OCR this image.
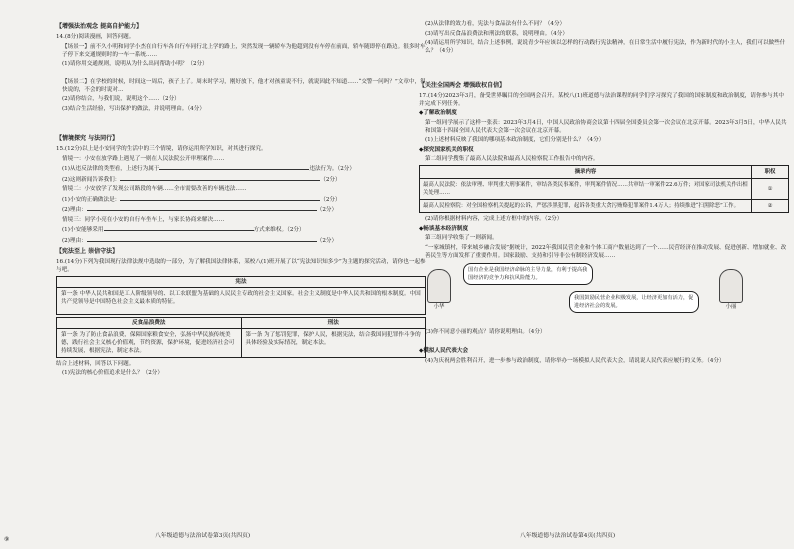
【增强法治观念 提高自护能力】
14.(8分)阅读漫画，回答问题。
【场景一】前不久小明和同学小杰在自行车各自行车同行北上学的路上，突然发现一辆轿车为他超到没有车停在前面，轿车随即停在路边。很多时车子停下来交通规则时的一车一系统……
(1)请你用交通规则，说明从为什么出同帮助小明？（2分）
【场景二】在学校的时候，时间这一周后，孩子上了。周末时学习，刚好放下，他才对孩童说不行，就说因此不知道……“交警一问吗？”文章中，很快说的，不会的时说对…
(2)请你结合，与我们说，说明这个……（2分）
(3)结合生活经验，写出保护的做法，并说明理由。（4分）
【情境探究 与法同行】
15.(12分)以上是小安同学的生活中的三个情境，请你运用所学知识，对其进行探究。
情境一：小安在放学路上遇见了一则在人民法院公开审理案件……
(1)从违反法律的类型看，上述行为属于	违法行为。（2分）
(2)这则新闻告诉我们：	（2分）
情境二：小安放学了发现公司路段的车辆……全市需要改善的车辆违法……
(1)小安的正确做法是：	（2分）
(2)理由：	（2分）
情境三：同学小亮在小安的自行车坐车上，与家长协商来解决……
(1)小安能够采用	方式来维权。（2分）
(2)理由：	（2分）
【宪法至上 崇信守法】
16.(14分)下列为我国现行法律法规中选取的一部分，为了解我国法律体系，某校八(1)班开展了以“宪法知识知多少”为主题的探究活动，请你也一起参与吧。
宪法
第一条 中华人民共和国是工人阶级领导的、以工农联盟为基础的人民民主专政的社会主义国家。社会主义制度是中华人民共和国的根本制度。中国共产党领导是中国特色社会主义最本质的特征。
反食品浪费法
第一条 为了防止食品浪费，保障国家粮食安全，弘扬中华民族传统美德，践行社会主义核心价值观，节约资源，保护环境，促进经济社会可持续发展，根据宪法，制定本法。
刑法
第一条 为了惩罚犯罪，保护人民，根据宪法，结合我国同犯罪作斗争的具体经验及实际情况，制定本法。
结合上述材料，回答以下问题。
(1)宪法的核心价值追求是什么？（2分）
(2)从法律的效力看，宪法与食品法有什么不同？（4分）
(3)请写出反食品浪费法和刑法的联系，说明理由。（4分）
(4)请运用所学知识，结合上述事例，说说青少年应该以怎样的行动践行宪法精神，在日常生活中履行宪法，作为新时代的小主人，我们可以做些什么？（4分）
【关注全国两会 增强政权自信】
17.(14分)2023年3月，备受世界瞩目的全国两会召开。某校八(1)班道德与法治课程的同学们学习探究了我国的国家制度和政治制度，请你参与其中并完成下列任务。
◆了解政治制度
第一组同学展示了这样一张表：2023年3月4日，中国人民政治协商会议第十四届全国委员会第一次会议在北京开幕。2023年3月5日，中华人民共和国第十四届全国人民代表大会第一次会议在北京开幕。
(1)上述材料反映了我国的哪项基本政治制度，它们分别是什么？（4分）
◆探究国家机关的职权
第二组同学搜集了最高人民法院和最高人民检察院工作报告中的内容。
摘录内容	职权
最高人民法院：依法审理、审判重大刑事案件，审结各类民事案件，审判案件情况……共审结一审案件22.6万件；对国家司法机关作出相关处理……	①
最高人民检察院：对全国检察机关提起的公诉，严惩涉黑犯罪，起诉各类重大贪污贿赂犯罪案件1.4万人；持续推进“扫黑除恶”工作。	②
(2)请你根据材料内容，完成上述方框中的内容。（2分）
◆畅谈基本经济制度
第三组同学收集了一则新闻。
“一家城镇村，带来城乡融合发展”据统计，2022年我国民营企业和个体工商户数量达到了一个……民营经济在推动发展、促进创新、增加就业、改善民生等方面发挥了重要作用。国家鼓励、支持和引导非公有制经济发展……
小华
国有企业是我国经济命脉的主导力量，有利于提高我国经济的竞争力和抗风险能力。
我国鼓励民营企业积极发展，让经济更加有活力，促进经济社会的发展。	小丽
(3)你不同意小丽的观点？请你说明理由。（4分）
◆模拟人民代表大会
(4)为庆祝两会胜利召开，进一步参与政治制度，请你举办一场模拟人民代表大会，请说说人民代表应履行的义务。（4分）
八年级道德与法治试卷第3页(共四页)	八年级道德与法治试卷第4页(共四页)
⑨
